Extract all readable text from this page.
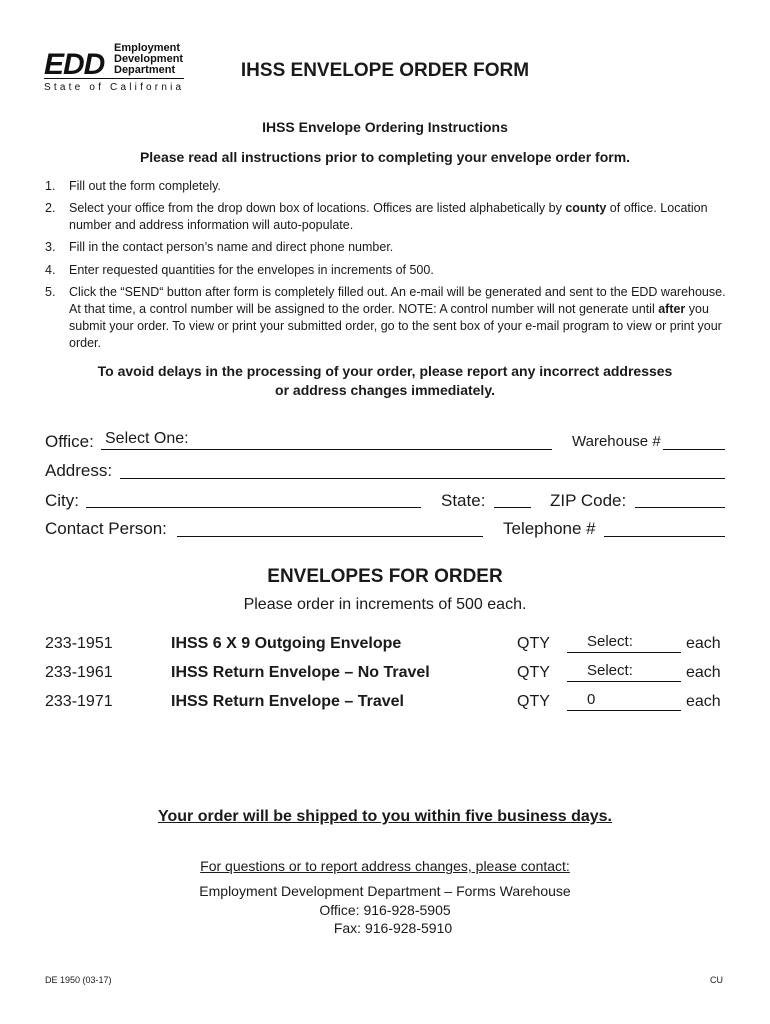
EDD Employment
Development
Department
State of California
IHSS ENVELOPE ORDER FORM
IHSS Envelope Ordering Instructions
Please read all instructions prior to completing your envelope order form.
1. Fill out the form completely.
2. Select your office from the drop down box of locations. Offices are listed alphabetically by county of office. Location number and address information will auto-populate.
3. Fill in the contact person’s name and direct phone number.
4. Enter requested quantities for the envelopes in increments of 500.
5. Click the “SEND“ button after form is completely filled out. An e-mail will be generated and sent to the EDD warehouse. At that time, a control number will be assigned to the order. NOTE: A control number will not generate until after you submit your order. To view or print your submitted order, go to the sent box of your e-mail program to view or print your order.
To avoid delays in the processing of your order, please report any incorrect addresses
or address changes immediately.
Office: Select One:	Warehouse #
Address:
City:	State:	ZIP Code:
Contact Person:	Telephone #
ENVELOPES FOR ORDER
Please order in increments of 500 each.
233-1951	IHSS 6 X 9 Outgoing Envelope	QTY Select:	each
233-1961	IHSS Return Envelope – No Travel	QTY Select:	each
233-1971	IHSS Return Envelope – Travel	QTY 0	each
Your order will be shipped to you within five business days.
For questions or to report address changes, please contact:
Employment Development Department – Forms Warehouse
Office: 916-928-5905
Fax: 916-928-5910
DE 1950 (03-17)	CU
